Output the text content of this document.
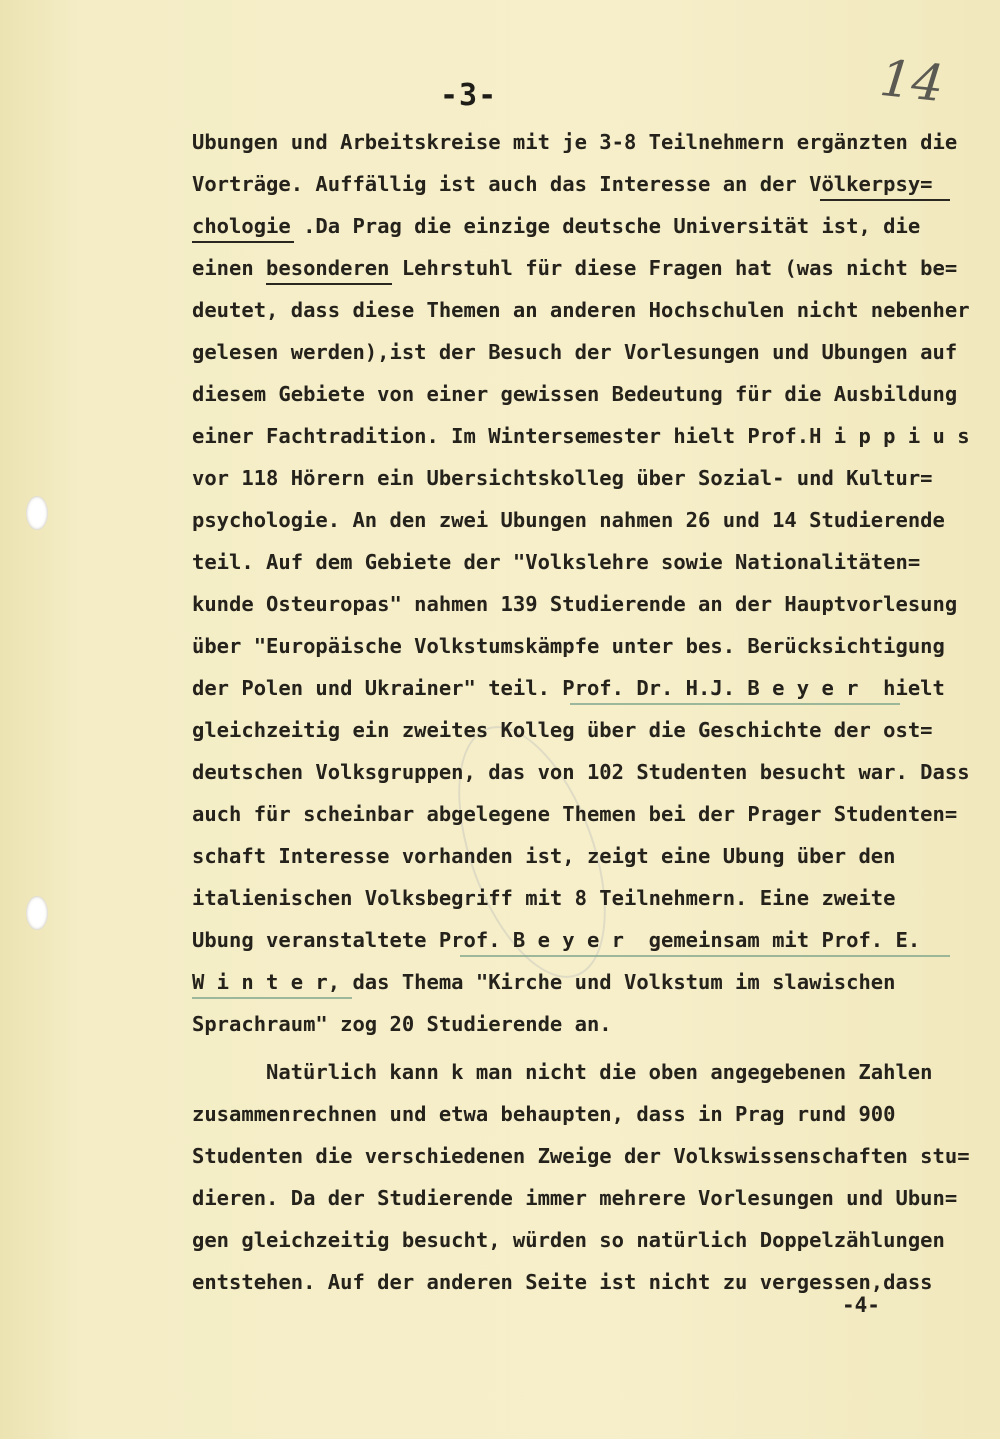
-3-	14
Ubungen und Arbeitskreise mit je 3-8 Teilnehmern ergänzten die
Vorträge. Auffällig ist auch das Interesse an der Völkerpsy=
chologie .Da Prag die einzige deutsche Universität ist, die
einen besonderen Lehrstuhl für diese Fragen hat (was nicht be=
deutet, dass diese Themen an anderen Hochschulen nicht nebenher
gelesen werden),ist der Besuch der Vorlesungen und Ubungen auf
diesem Gebiete von einer gewissen Bedeutung für die Ausbildung
einer Fachtradition. Im Wintersemester hielt Prof.H i p p i u s
vor 118 Hörern ein Ubersichtskolleg über Sozial- und Kultur=
psychologie. An den zwei Ubungen nahmen 26 und 14 Studierende
teil. Auf dem Gebiete der "Volkslehre sowie Nationalitäten=
kunde Osteuropas" nahmen 139 Studierende an der Hauptvorlesung
über "Europäische Volkstumskämpfe unter bes. Berücksichtigung
der Polen und Ukrainer" teil. Prof. Dr. H.J. B e y e r  hielt
gleichzeitig ein zweites Kolleg über die Geschichte der ost=
deutschen Volksgruppen, das von 102 Studenten besucht war. Dass
auch für scheinbar abgelegene Themen bei der Prager Studenten=
schaft Interesse vorhanden ist, zeigt eine Ubung über den
italienischen Volksbegriff mit 8 Teilnehmern. Eine zweite
Ubung veranstaltete Prof. B e y e r  gemeinsam mit Prof. E.
W i n t e r, das Thema "Kirche und Volkstum im slawischen
Sprachraum" zog 20 Studierende an.
Natürlich kann k man nicht die oben angegebenen Zahlen
zusammenrechnen und etwa behaupten, dass in Prag rund 900
Studenten die verschiedenen Zweige der Volkswissenschaften stu=
dieren. Da der Studierende immer mehrere Vorlesungen und Ubun=
gen gleichzeitig besucht, würden so natürlich Doppelzählungen
entstehen. Auf der anderen Seite ist nicht zu vergessen,dass
-4-
